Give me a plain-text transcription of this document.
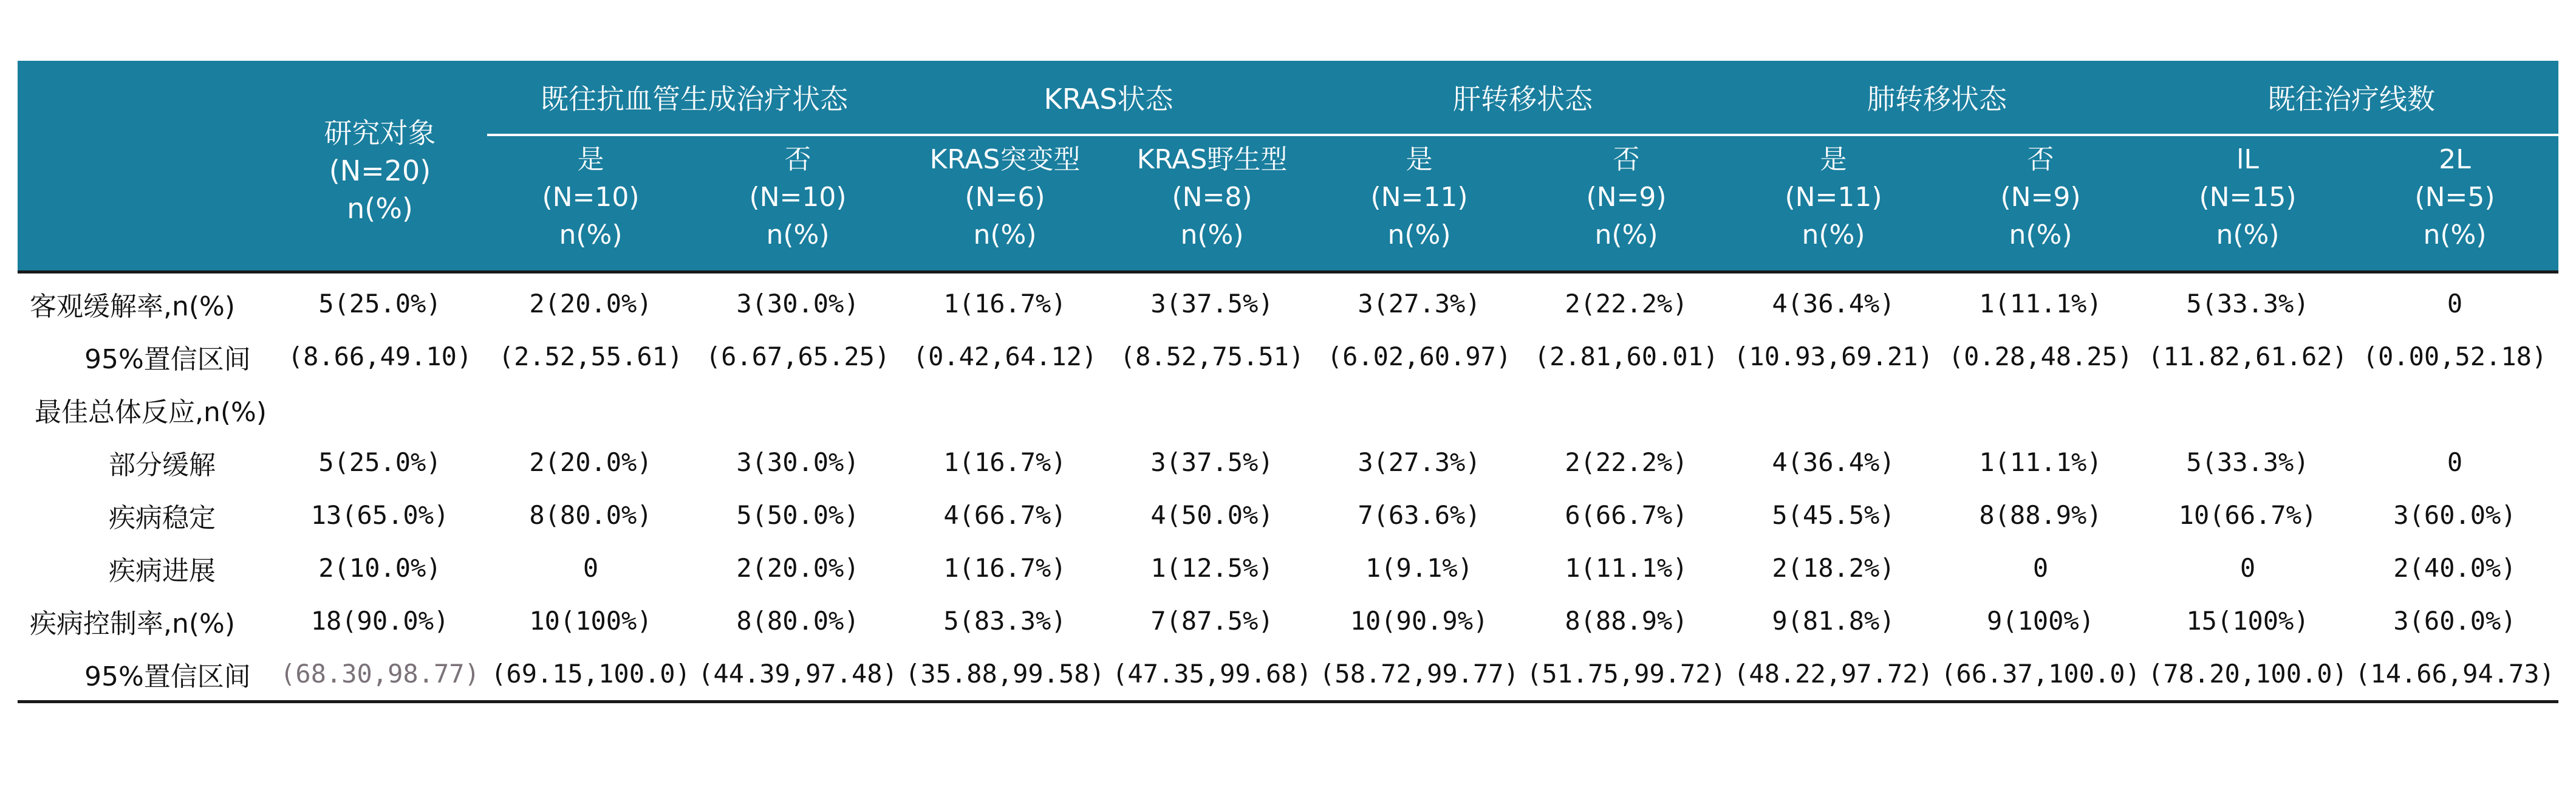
	研究对象
(N=20)
n(%)	既往抗血管生成治疗状态		KRAS状态		肝转移状态		肺转移状态		既往治疗线数	

		是
(N=10)
n(%)	否
(N=10)
n(%)	KRAS突变型
(N=6)
n(%)	KRAS野生型
(N=8)
n(%)	是
(N=11)
n(%)	否
(N=9)
n(%)	是
(N=11)
n(%)	否
(N=9)
n(%)	lL
(N=15)
n(%)	2L
(N=5)
n(%)

客观缓解率,n(%)	5(25.0%)	2(20.0%)	3(30.0%)	1(16.7%)	3(37.5%)	3(27.3%)	2(22.2%)	4(36.4%)	1(11.1%)	5(33.3%)	0
95%置信区间	(8.66,49.10)	(2.52,55.61)	(6.67,65.25)	(0.42,64.12)	(8.52,75.51)	(6.02,60.97)	(2.81,60.01)	(10.93,69.21)	(0.28,48.25)	(11.82,61.62)	(0.00,52.18)
最佳总体反应,n(%)											
部分缓解	5(25.0%)	2(20.0%)	3(30.0%)	1(16.7%)	3(37.5%)	3(27.3%)	2(22.2%)	4(36.4%)	1(11.1%)	5(33.3%)	0
疾病稳定	13(65.0%)	8(80.0%)	5(50.0%)	4(66.7%)	4(50.0%)	7(63.6%)	6(66.7%)	5(45.5%)	8(88.9%)	10(66.7%)	3(60.0%)
疾病进展	2(10.0%)	0	2(20.0%)	1(16.7%)	1(12.5%)	1(9.1%)	1(11.1%)	2(18.2%)	0	0	2(40.0%)
疾病控制率,n(%)	18(90.0%)	10(100%)	8(80.0%)	5(83.3%)	7(87.5%)	10(90.9%)	8(88.9%)	9(81.8%)	9(100%)	15(100%)	3(60.0%)
95%置信区间	(68.30,98.77)	(69.15,100.0)	(44.39,97.48)	(35.88,99.58)	(47.35,99.68)	(58.72,99.77)	(51.75,99.72)	(48.22,97.72)	(66.37,100.0)	(78.20,100.0)	(14.66,94.73)
